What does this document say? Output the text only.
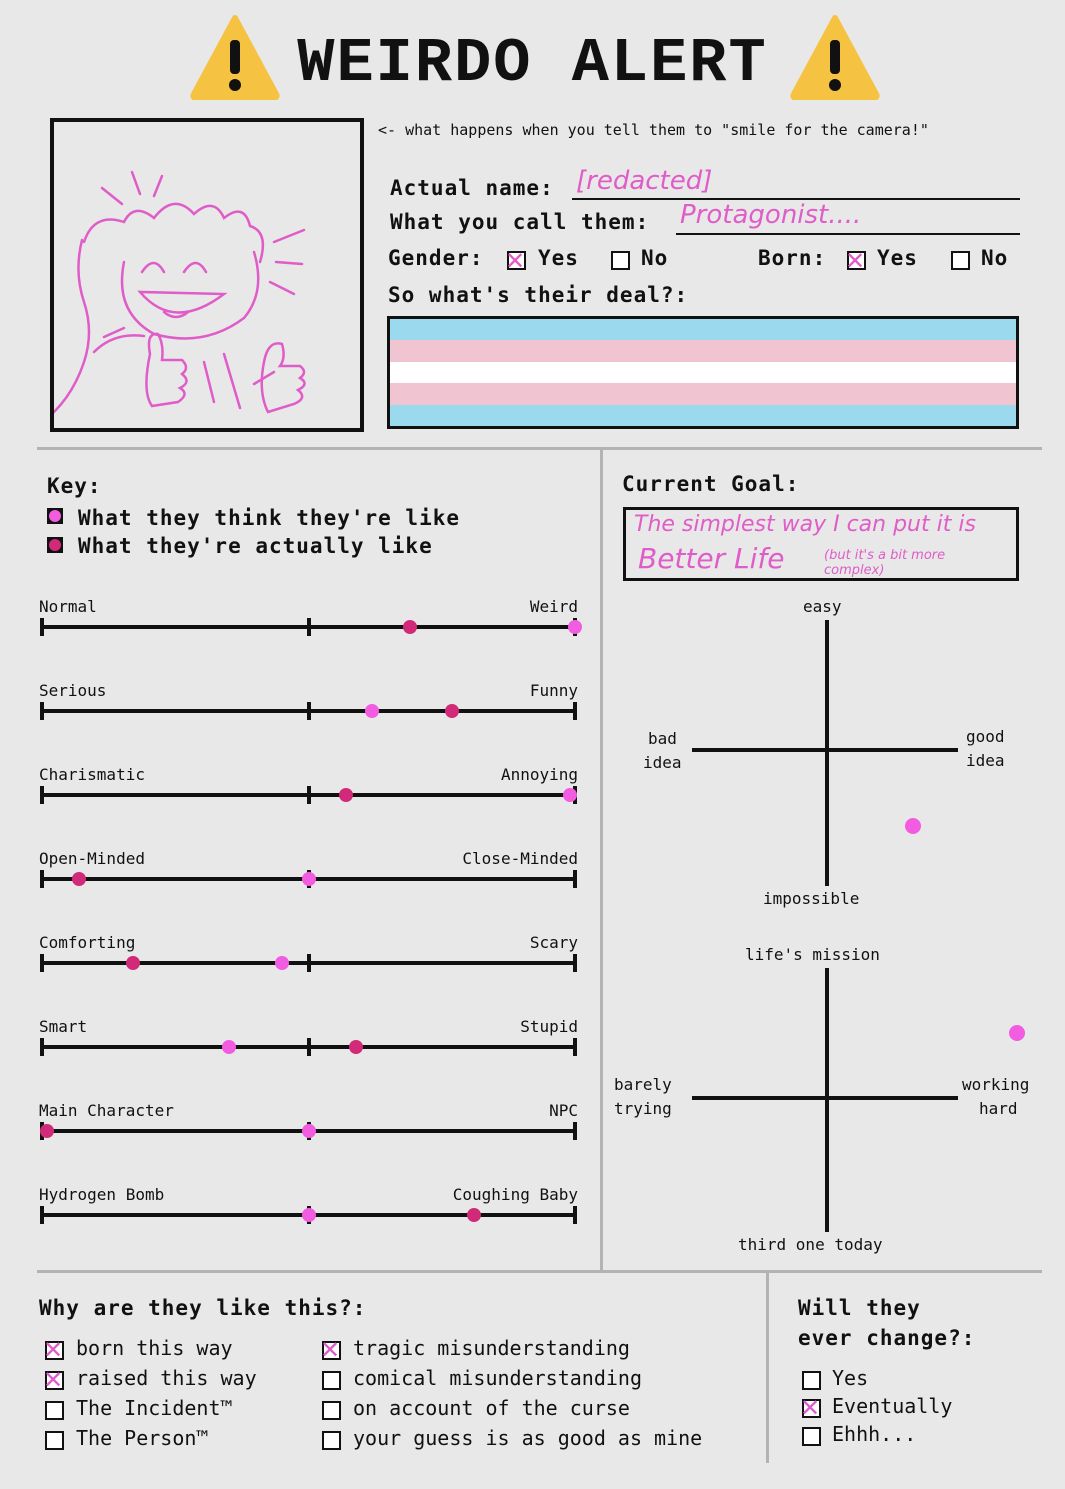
WEIRDO ALERT
<- what happens when you tell them to "smile for the camera!"
Actual name: [redacted]
What you call them: Protagonist....
Gender: ✕ Yes	No	Born: ✕ Yes	No
So what's their deal?:
Key:
What they think they're like
What they're actually like
Normal	Weird
Serious	Funny
Charismatic	Annoying
Open-Minded	Close-Minded
Comforting	Scary
Smart	Stupid
Main Character	NPC
Hydrogen Bomb	Coughing Baby
Current Goal:
The simplest way I can put it is
Better Life	(but it's a bit more complex)
easy
bad
idea
good
idea
impossible
life's mission
barely
trying
working
hard
third one today
Why are they like this?:
✕ born this way
✕ raised this way
The Incident™
The Person™
✕ tragic misunderstanding
comical misunderstanding
on account of the curse
your guess is as good as mine
Will they
ever change?:
Yes
✕ Eventually
Ehhh...
